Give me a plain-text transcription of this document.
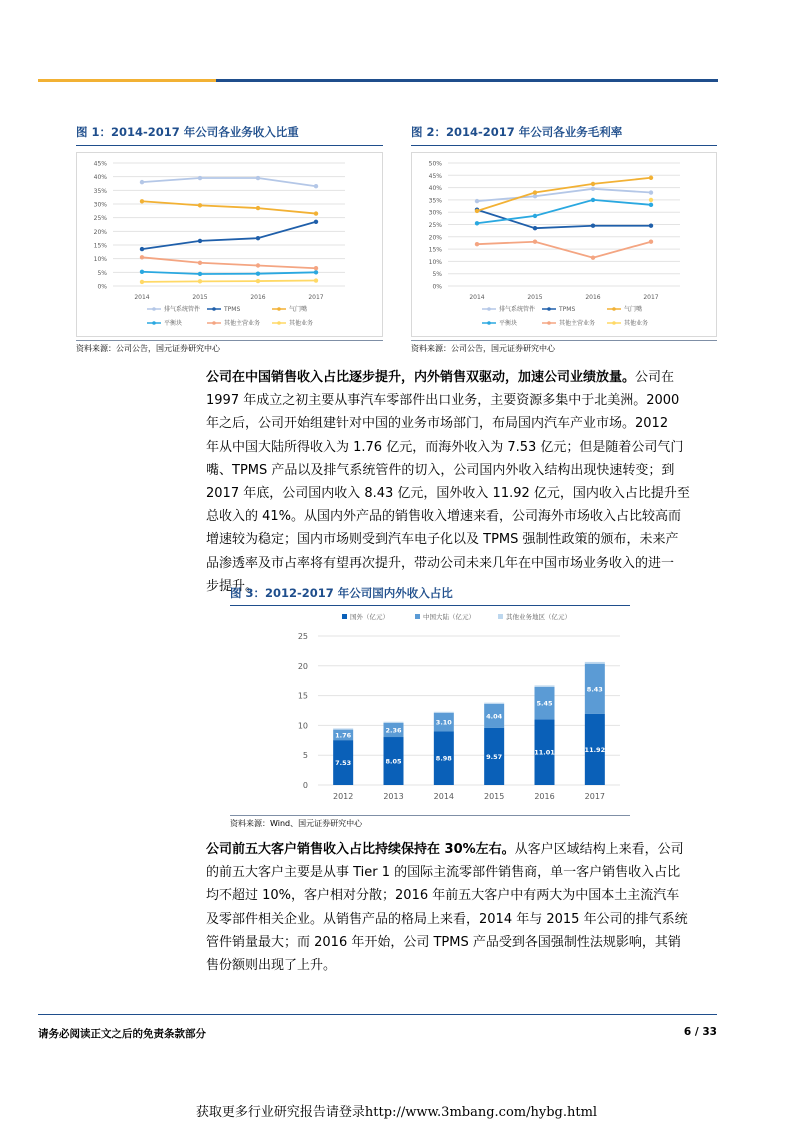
图 1：2014-2017 年公司各业务收入比重
0%
5%
10%
15%
20%
25%
30%
35%
40%
45%
2014	2015	2016	2017
排气系统管件	TPMS	气门嘴
平衡块	其他主营业务	其他业务
资料来源：公司公告，国元证券研究中心
图 2：2014-2017 年公司各业务毛利率
0%
5%
10%
15%
20%
25%
30%
35%
40%
45%
50%
2014	2015	2016	2017
排气系统管件	TPMS	气门嘴
平衡块	其他主营业务	其他业务
资料来源：公司公告，国元证券研究中心
公司在中国销售收入占比逐步提升，内外销售双驱动，加速公司业绩放量。公司在
1997 年成立之初主要从事汽车零部件出口业务，主要资源多集中于北美洲。2000
年之后，公司开始组建针对中国的业务市场部门，布局国内汽车产业市场。2012
年从中国大陆所得收入为 1.76 亿元，而海外收入为 7.53 亿元；但是随着公司气门
嘴、TPMS 产品以及排气系统管件的切入，公司国内外收入结构出现快速转变；到
2017 年底，公司国内收入 8.43 亿元，国外收入 11.92 亿元，国内收入占比提升至
总收入的 41%。从国内外产品的销售收入增速来看，公司海外市场收入占比较高而
增速较为稳定；国内市场则受到汽车电子化以及 TPMS 强制性政策的颁布，未来产
品渗透率及市占率将有望再次提升，带动公司未来几年在中国市场业务收入的进一
步提升。
图 3：2012-2017 年公司国内外收入占比
0
5
10
15
20
25
2012
7.53
1.76
2013
8.05
2.36
2014
8.98
3.10
2015
9.57
4.04
2016
11.01
5.45
2017
11.92
8.43
国外（亿元）	中国大陆（亿元）	其他业务地区（亿元）
资料来源：Wind、国元证券研究中心
公司前五大客户销售收入占比持续保持在 30%左右。从客户区域结构上来看，公司
的前五大客户主要是从事 Tier 1 的国际主流零部件销售商，单一客户销售收入占比
均不超过 10%，客户相对分散；2016 年前五大客户中有两大为中国本土主流汽车
及零部件相关企业。从销售产品的格局上来看，2014 年与 2015 年公司的排气系统
管件销量最大；而 2016 年开始，公司 TPMS 产品受到各国强制性法规影响，其销
售份额则出现了上升。
请务必阅读正文之后的免责条款部分	6 / 33
获取更多行业研究报告请登录http://www.3mbang.com/hybg.html
